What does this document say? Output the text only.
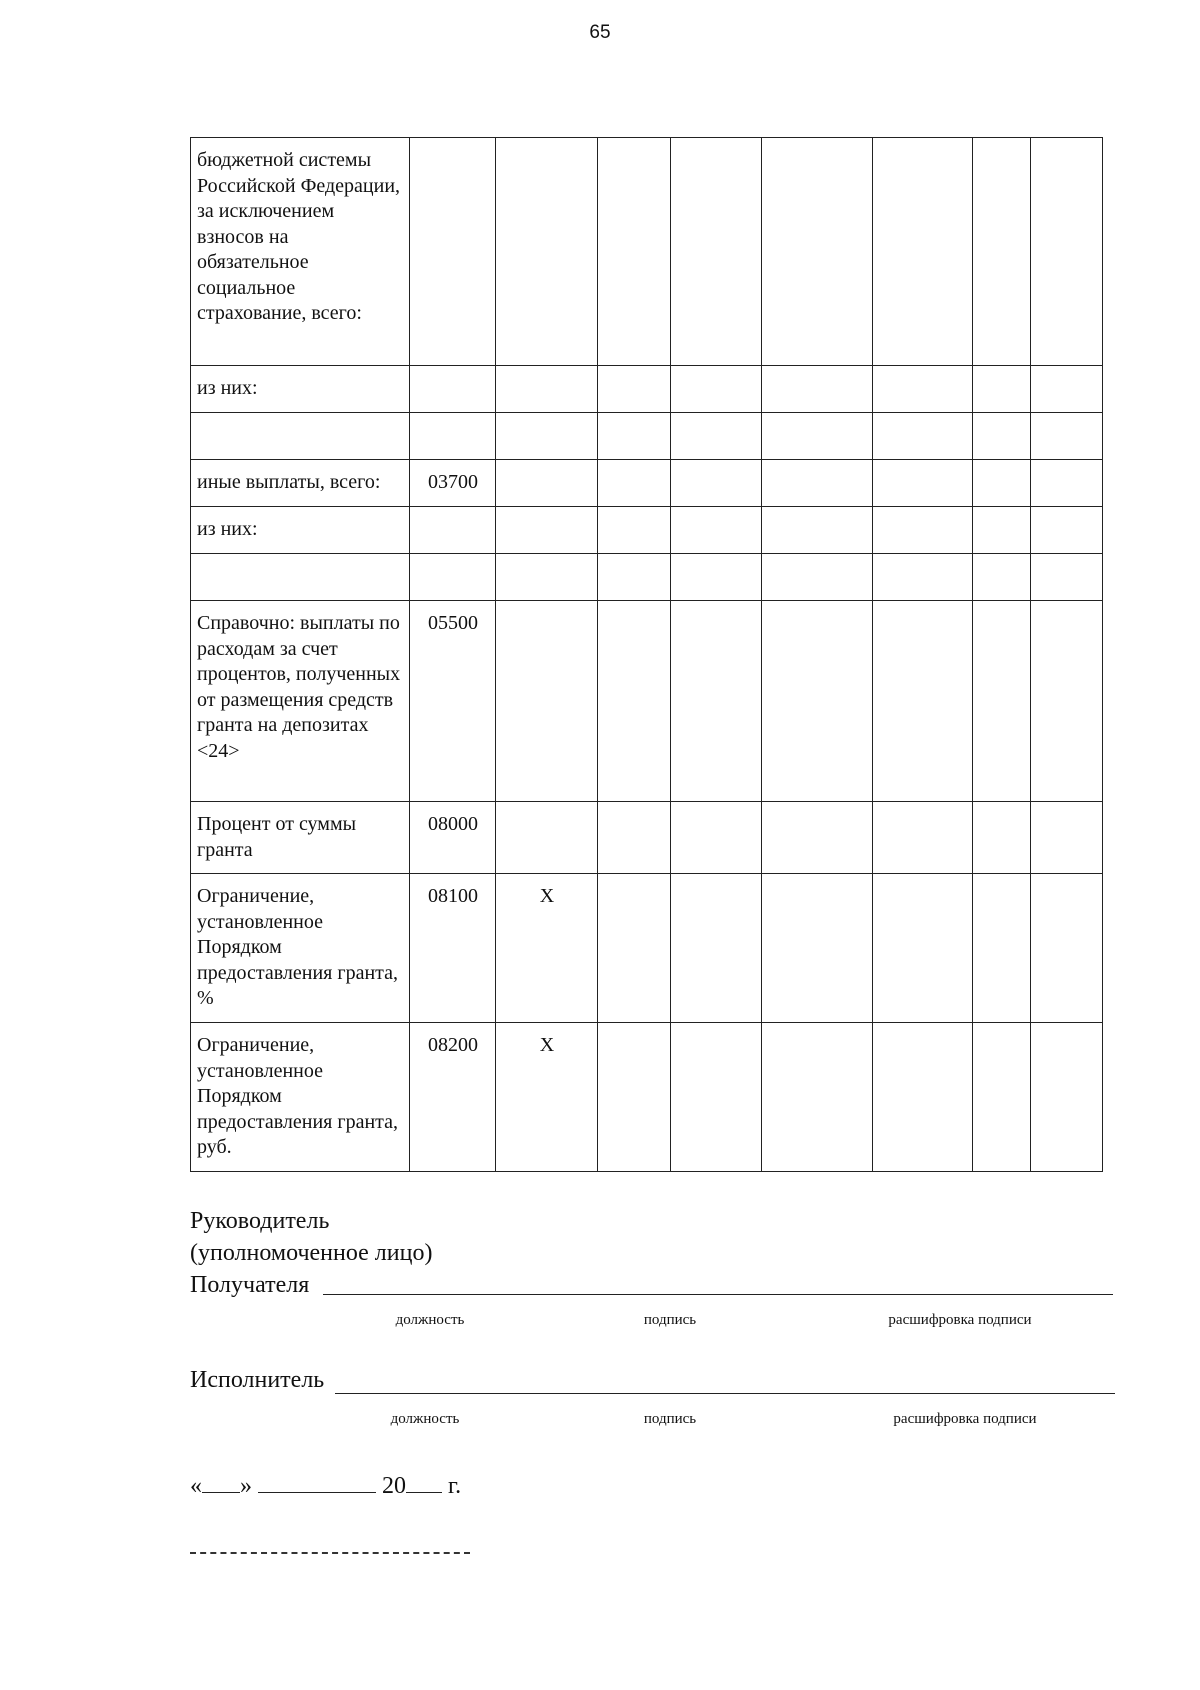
65
бюджетной системы Российской Федерации, за исключением взносов на обязательное социальное страхование, всего:								
из них:								

иные выплаты, всего:	03700							
из них:								

Справочно: выплаты по расходам за счет процентов, полученных от размещения средств гранта на депозитах <24>	05500							
Процент от суммы гранта	08000							
Ограничение, установленное Порядком предоставления гранта, %	08100	X						
Ограничение, установленное Порядком предоставления гранта, руб.	08200	X						
Руководитель
(уполномоченное лицо)
Получателя
должность	подпись	расшифровка подписи
Исполнитель
должность	подпись	расшифровка подписи
« »	20 г.
